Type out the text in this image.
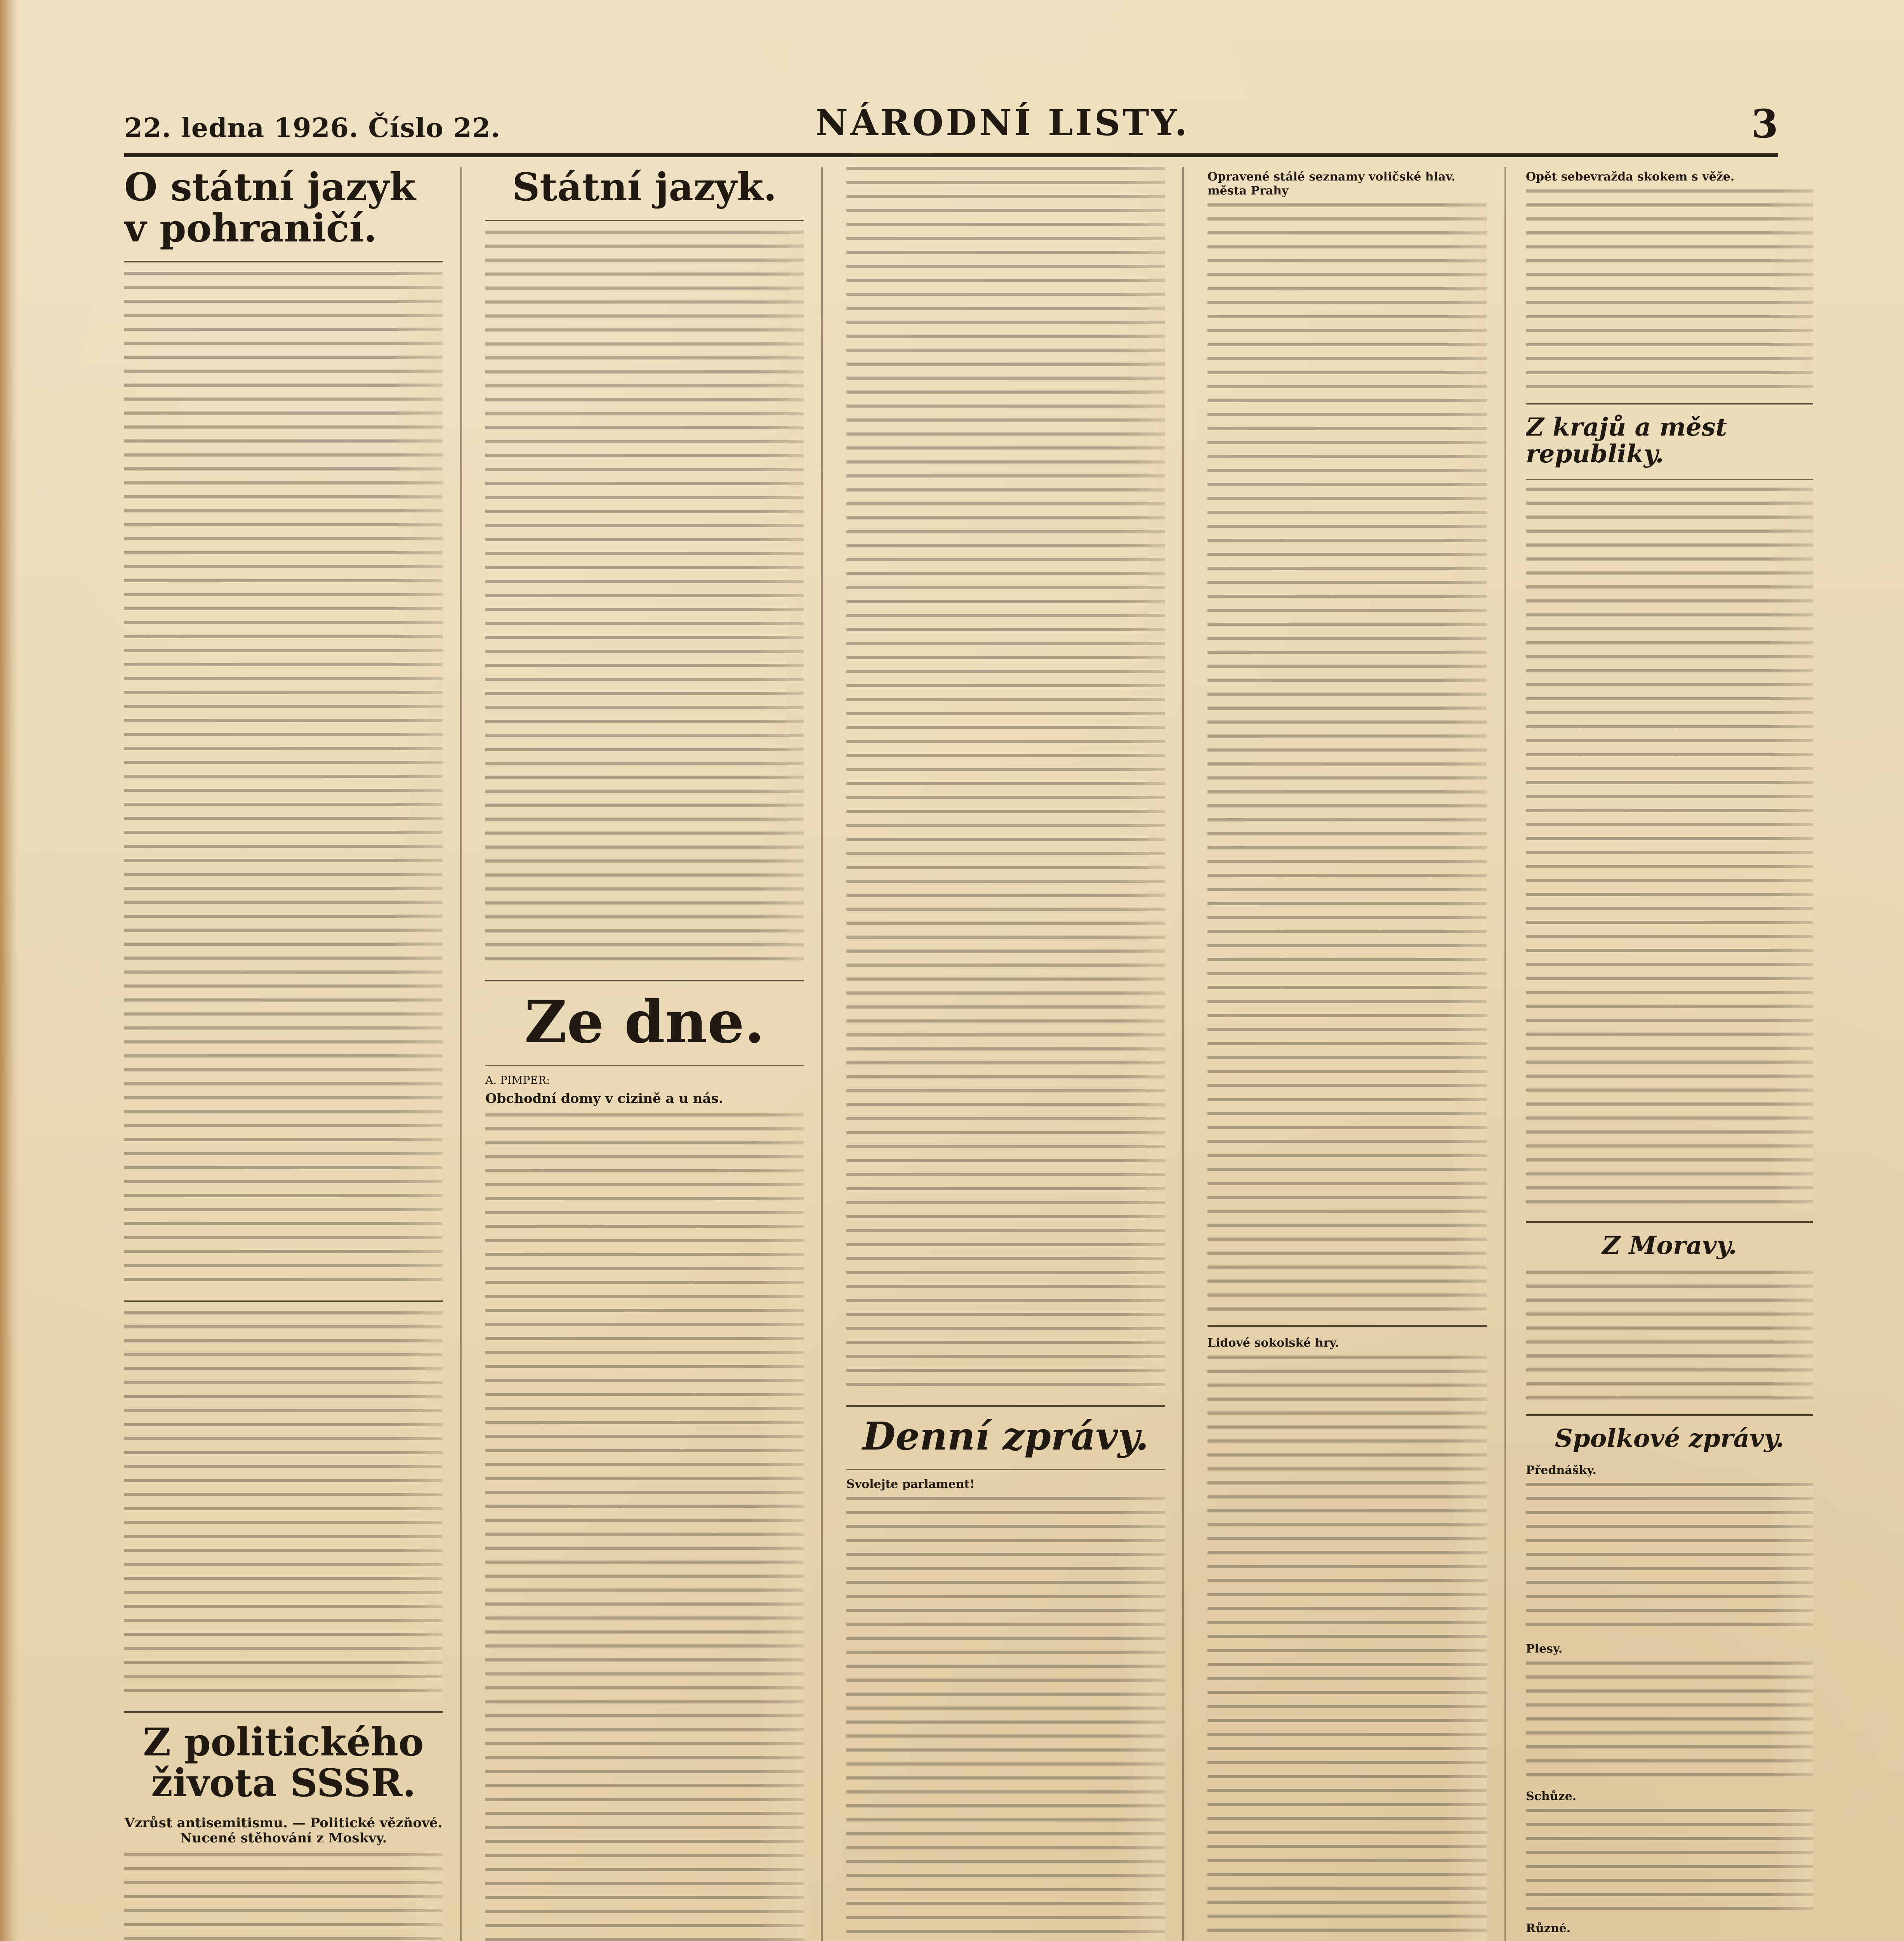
22. ledna 1926. Číslo 22.	NÁRODNÍ LISTY.	3
O státní jazyk v pohraničí.
Z politického života SSSR.
Vzrůst antisemitismu. — Politické vězňové. Nucené stěhování z Moskvy.
Státní jazyk.
Ze dne.
A. PIMPER:
Obchodní domy v cizině a u nás.
Denní zprávy.
Svolejte parlament!
Opravené stálé seznamy voličské hlav. města Prahy
Lidové sokolské hry.
Opět sebevražda skokem s věže.
Z krajů a měst republiky.
Z Moravy.
Spolkové zprávy.
Přednášky.
Plesy.
Schůze.
Různé.
